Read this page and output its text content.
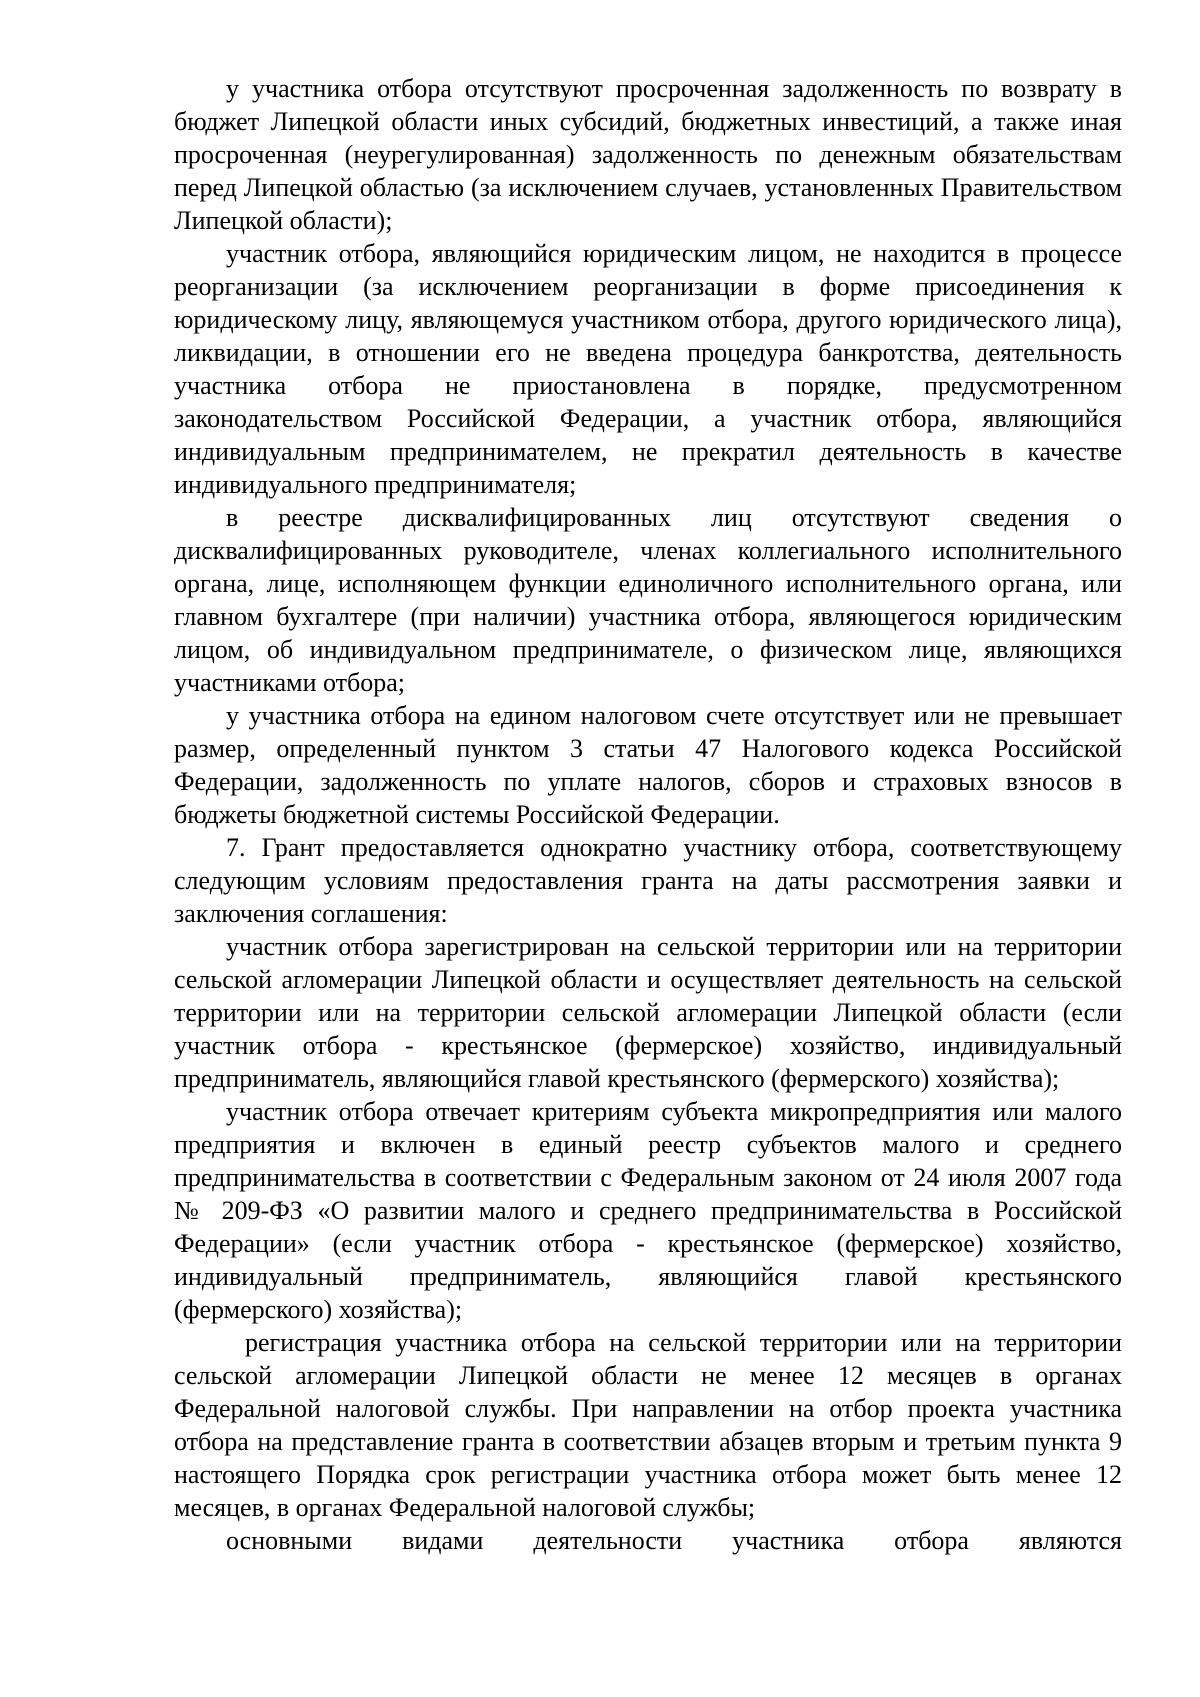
у участника отбора отсутствуют просроченная задолженность по возврату в бюджет Липецкой области иных субсидий, бюджетных инвестиций, а также иная просроченная (неурегулированная) задолженность по денежным обязательствам перед Липецкой областью (за исключением случаев, установленных Правительством Липецкой области);

участник отбора, являющийся юридическим лицом, не находится в процессе реорганизации (за исключением реорганизации в форме присоединения к юридическому лицу, являющемуся участником отбора, другого юридического лица), ликвидации, в отношении его не введена процедура банкротства, деятельность участника отбора не приостановлена в порядке, предусмотренном законодательством Российской Федерации, а участник отбора, являющийся индивидуальным предпринимателем, не прекратил деятельность в качестве индивидуального предпринимателя;

в реестре дисквалифицированных лиц отсутствуют сведения о дисквалифицированных руководителе, членах коллегиального исполнительного органа, лице, исполняющем функции единоличного исполнительного органа, или главном бухгалтере (при наличии) участника отбора, являющегося юридическим лицом, об индивидуальном предпринимателе, о физическом лице, являющихся участниками отбора;

у участника отбора на едином налоговом счете отсутствует или не превышает размер, определенный пунктом 3 статьи 47 Налогового кодекса Российской Федерации, задолженность по уплате налогов, сборов и страховых взносов в бюджеты бюджетной системы Российской Федерации.

7. Грант предоставляется однократно участнику отбора, соответствующему следующим условиям предоставления гранта на даты рассмотрения заявки и заключения соглашения:

участник отбора зарегистрирован на сельской территории или на территории сельской агломерации Липецкой области и осуществляет деятельность на сельской территории или на территории сельской агломерации Липецкой области (если участник отбора - крестьянское (фермерское) хозяйство, индивидуальный предприниматель, являющийся главой крестьянского (фермерского) хозяйства);

участник отбора отвечает критериям субъекта микропредприятия или малого предприятия и включен в единый реестр субъектов малого и среднего предпринимательства в соответствии с Федеральным законом от 24 июля 2007 года № 209-ФЗ «О развитии малого и среднего предпринимательства в Российской Федерации» (если участник отбора - крестьянское (фермерское) хозяйство, индивидуальный предприниматель, являющийся главой крестьянского (фермерского) хозяйства);

регистрация участника отбора на сельской территории или на территории сельской агломерации Липецкой области не менее 12 месяцев в органах Федеральной налоговой службы. При направлении на отбор проекта участника отбора на представление гранта в соответствии абзацев вторым и третьим пункта 9 настоящего Порядка срок регистрации участника отбора может быть менее 12 месяцев, в органах Федеральной налоговой службы;

основными видами деятельности участника отбора являются
